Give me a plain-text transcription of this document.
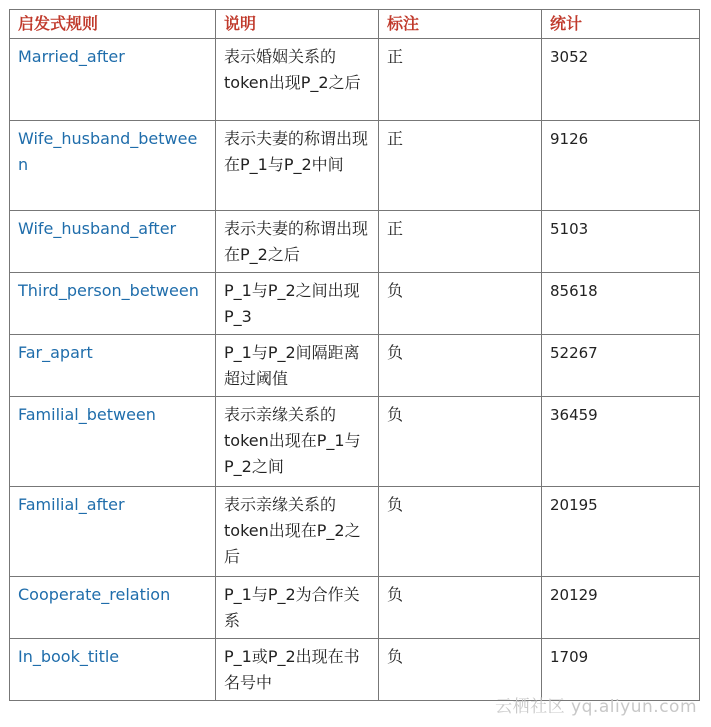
启发式规则	说明	标注	统计
Married_after	表示婚姻关系的token出现P_2之后	正	3052
Wife_husband_between	表示夫妻的称谓出现在P_1与P_2中间	正	9126
Wife_husband_after	表示夫妻的称谓出现在P_2之后	正	5103
Third_person_between	P_1与P_2之间出现P_3	负	85618
Far_apart	P_1与P_2间隔距离超过阈值	负	52267
Familial_between	表示亲缘关系的token出现在P_1与P_2之间	负	36459
Familial_after	表示亲缘关系的token出现在P_2之后	负	20195
Cooperate_relation	P_1与P_2为合作关系	负	20129
In_book_title	P_1或P_2出现在书名号中	负	1709
云栖社区 yq.aliyun.com
